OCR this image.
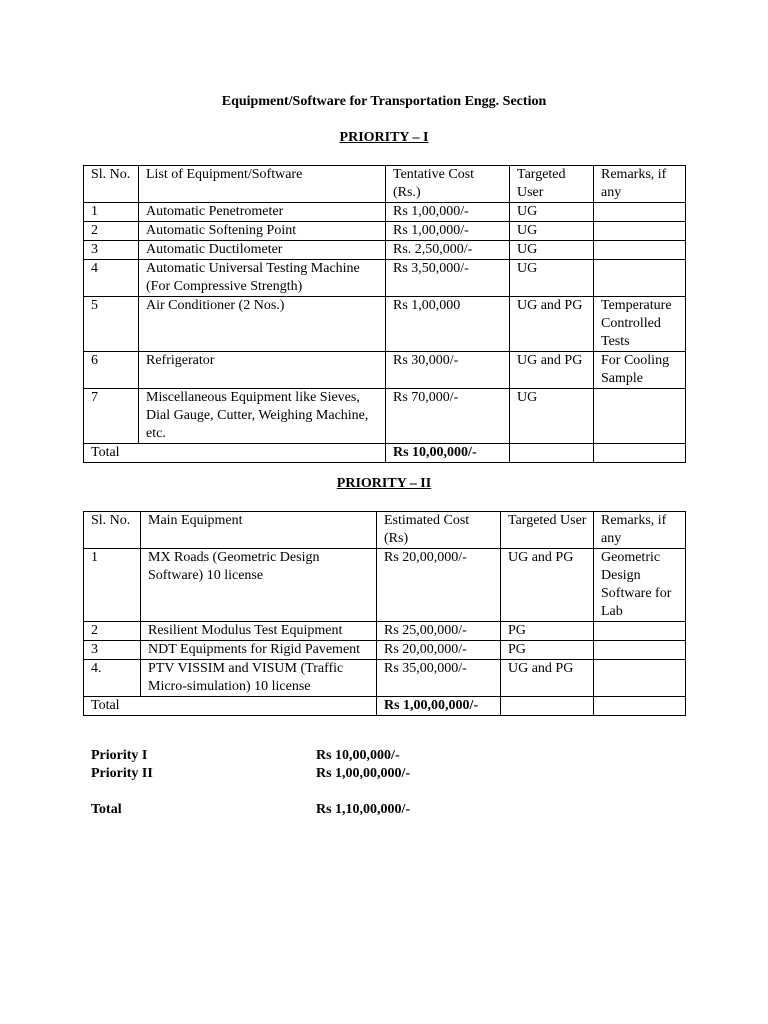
Equipment/Software for Transportation Engg. Section
PRIORITY – I
Sl. No.	List of Equipment/Software	Tentative Cost (Rs.)	Targeted User	Remarks, if any
1	Automatic Penetrometer	Rs 1,00,000/-	UG	
2	Automatic Softening Point	Rs 1,00,000/-	UG	
3	Automatic Ductilometer	Rs. 2,50,000/-	UG	
4	Automatic Universal Testing Machine (For Compressive Strength)	Rs 3,50,000/-	UG	
5	Air Conditioner (2 Nos.)	Rs 1,00,000	UG and PG	Temperature Controlled Tests
6	Refrigerator	Rs 30,000/-	UG and PG	For Cooling Sample
7	Miscellaneous Equipment like Sieves, Dial Gauge, Cutter, Weighing Machine, etc.	Rs 70,000/-	UG	
Total		Rs 10,00,000/-		
PRIORITY – II
Sl. No.	Main Equipment	Estimated Cost (Rs)	Targeted User	Remarks, if any
1	MX Roads (Geometric Design Software) 10 license	Rs 20,00,000/-	UG and PG	Geometric Design Software for Lab
2	Resilient Modulus Test Equipment	Rs 25,00,000/-	PG	
3	NDT Equipments for Rigid Pavement	Rs 20,00,000/-	PG	
4.	PTV VISSIM and VISUM (Traffic Micro-simulation) 10 license	Rs 35,00,000/-	UG and PG	
Total		Rs 1,00,00,000/-		
Priority I	Rs 10,00,000/-
Priority II	Rs 1,00,00,000/-
Total	Rs 1,10,00,000/-
